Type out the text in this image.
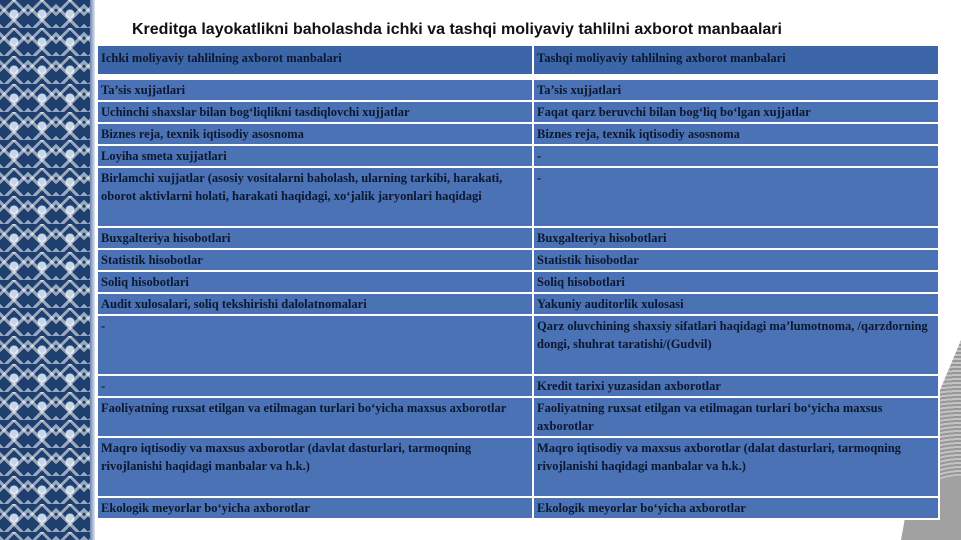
Kreditga layokatlikni baholashda ichki va tashqi moliyaviy tahlilni axborot manbaalari
Ichki moliyaviy tahlilning axborot manbalari	Tashqi moliyaviy tahlilning axborot manbalari

Ta’sis xujjatlari	Ta’sis xujjatlari
Uchinchi shaxslar bilan bog‘liqlikni tasdiqlovchi xujjatlar	Faqat qarz beruvchi bilan bog‘liq bo‘lgan xujjatlar
Biznes reja, texnik iqtisodiy asosnoma	Biznes reja, texnik iqtisodiy asosnoma
Loyiha smeta xujjatlari	-
Birlamchi xujjatlar (asosiy vositalarni baholash, ularning tarkibi, harakati, oborot aktivlarni holati, harakati haqidagi, xo‘jalik jaryonlari haqidagi	-
Buxgalteriya hisobotlari	Buxgalteriya hisobotlari
Statistik hisobotlar	Statistik hisobotlar
Soliq hisobotlari	Soliq hisobotlari
Audit xulosalari, soliq tekshirishi dalolatnomalari	Yakuniy auditorlik xulosasi
-	Qarz oluvchining shaxsiy sifatlari haqidagi ma’lumotnoma, /qarzdorning dongi, shuhrat taratishi/(Gudvil)
-	Kredit tarixi yuzasidan axborotlar
Faoliyatning ruxsat etilgan va etilmagan turlari bo‘yicha maxsus axborotlar	Faoliyatning ruxsat etilgan va etilmagan turlari bo‘yicha maxsus axborotlar
Maqro iqtisodiy va maxsus axborotlar (davlat dasturlari, tarmoqning rivojlanishi haqidagi manbalar va h.k.)	Maqro iqtisodiy va maxsus axborotlar (dalat dasturlari, tarmoqning rivojlanishi haqidagi manbalar va h.k.)
Ekologik meyorlar bo‘yicha axborotlar	Ekologik meyorlar bo‘yicha axborotlar
